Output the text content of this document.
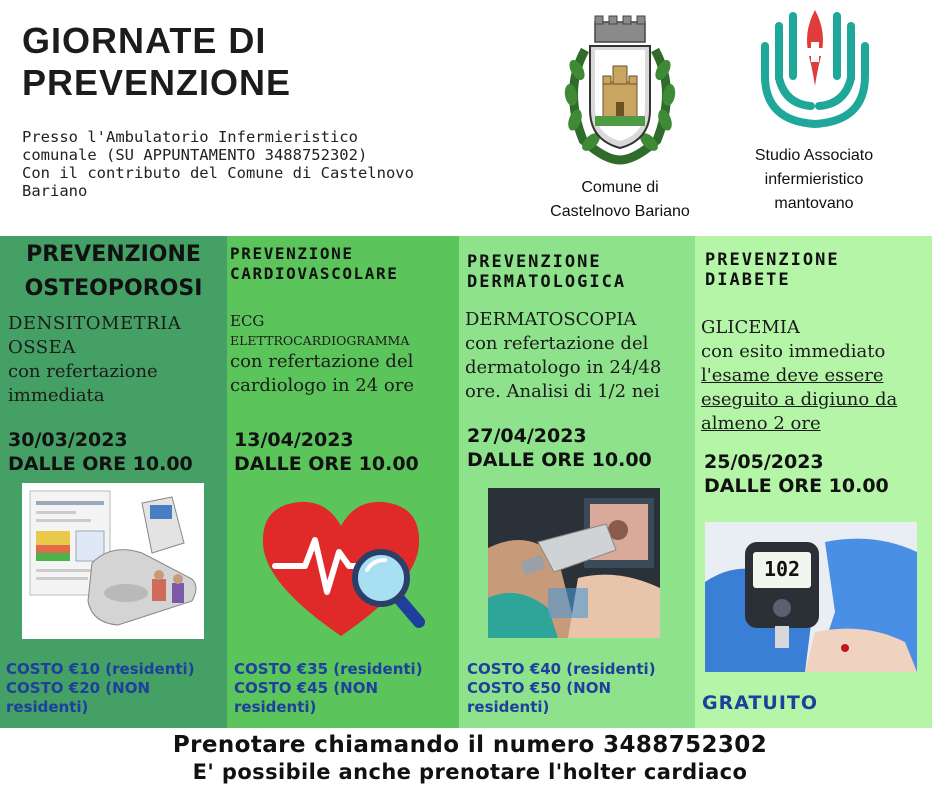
GIORNATE DI
PREVENZIONE
Presso l'Ambulatorio Infermieristico
comunale (SU APPUNTAMENTO 3488752302)
Con il contributo del Comune di Castelnovo
Bariano	Comune di
Castelnovo Bariano
Studio Associato
infermieristico
mantovano
PREVENZIONE
OSTEOPOROSI
DENSITOMETRIA
OSSEA
con refertazione
immediata
30/03/2023
DALLE ORE 10.00
COSTO €10 (residenti)
COSTO €20 (NON
residenti)
PREVENZIONE
CARDIOVASCOLARE
ECG
ELETTROCARDIOGRAMMA
con refertazione del
cardiologo in 24 ore
13/04/2023
DALLE ORE 10.00
COSTO €35 (residenti)
COSTO €45 (NON
residenti)
PREVENZIONE
DERMATOLOGICA
DERMATOSCOPIA
con refertazione del
dermatologo in 24/48
ore. Analisi di 1/2 nei
27/04/2023
DALLE ORE 10.00
COSTO €40 (residenti)
COSTO €50 (NON
residenti)
PREVENZIONE
DIABETE
GLICEMIA
con esito immediato
l'esame deve essere
eseguito a digiuno da
almeno 2 ore
25/05/2023
DALLE ORE 10.00
102
GRATUITO
Prenotare chiamando il numero 3488752302
E' possibile anche prenotare l'holter cardiaco
